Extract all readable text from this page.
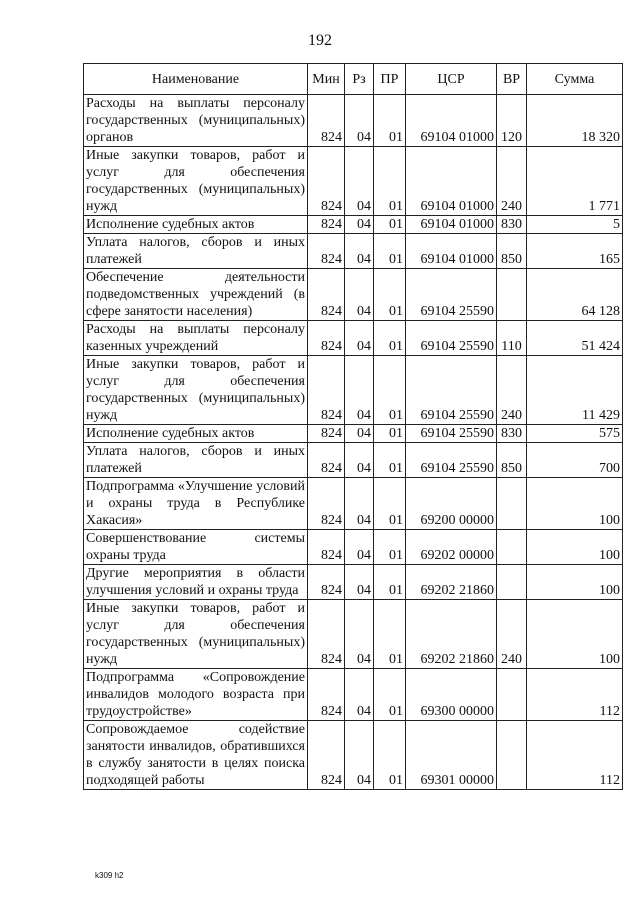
192
Наименование	Мин	Рз	ПР	ЦСР	ВР	Сумма
Расходы на выплаты персоналу государственных (муниципальных) органов	824	04	01	69104 01000	120	18 320
Иные закупки товаров, работ и услуг для обеспечения государственных (муниципальных) нужд	824	04	01	69104 01000	240	1 771
Исполнение судебных актов	824	04	01	69104 01000	830	5
Уплата налогов, сборов и иных платежей	824	04	01	69104 01000	850	165
Обеспечение деятельности подведомственных учреждений (в сфере занятости населения)	824	04	01	69104 25590		64 128
Расходы на выплаты персоналу казенных учреждений	824	04	01	69104 25590	110	51 424
Иные закупки товаров, работ и услуг для обеспечения государственных (муниципальных) нужд	824	04	01	69104 25590	240	11 429
Исполнение судебных актов	824	04	01	69104 25590	830	575
Уплата налогов, сборов и иных платежей	824	04	01	69104 25590	850	700
Подпрограмма «Улучшение условий и охраны труда в Республике Хакасия»	824	04	01	69200 00000		100
Совершенствование системы охраны труда	824	04	01	69202 00000		100
Другие мероприятия в области улучшения условий и охраны труда	824	04	01	69202 21860		100
Иные закупки товаров, работ и услуг для обеспечения государственных (муниципальных) нужд	824	04	01	69202 21860	240	100
Подпрограмма «Сопровождение инвалидов молодого возраста при трудоустройстве»	824	04	01	69300 00000		112
Сопровождаемое содействие занятости инвалидов, обратившихся в службу занятости в целях поиска подходящей работы	824	04	01	69301 00000		112
k309 h2
